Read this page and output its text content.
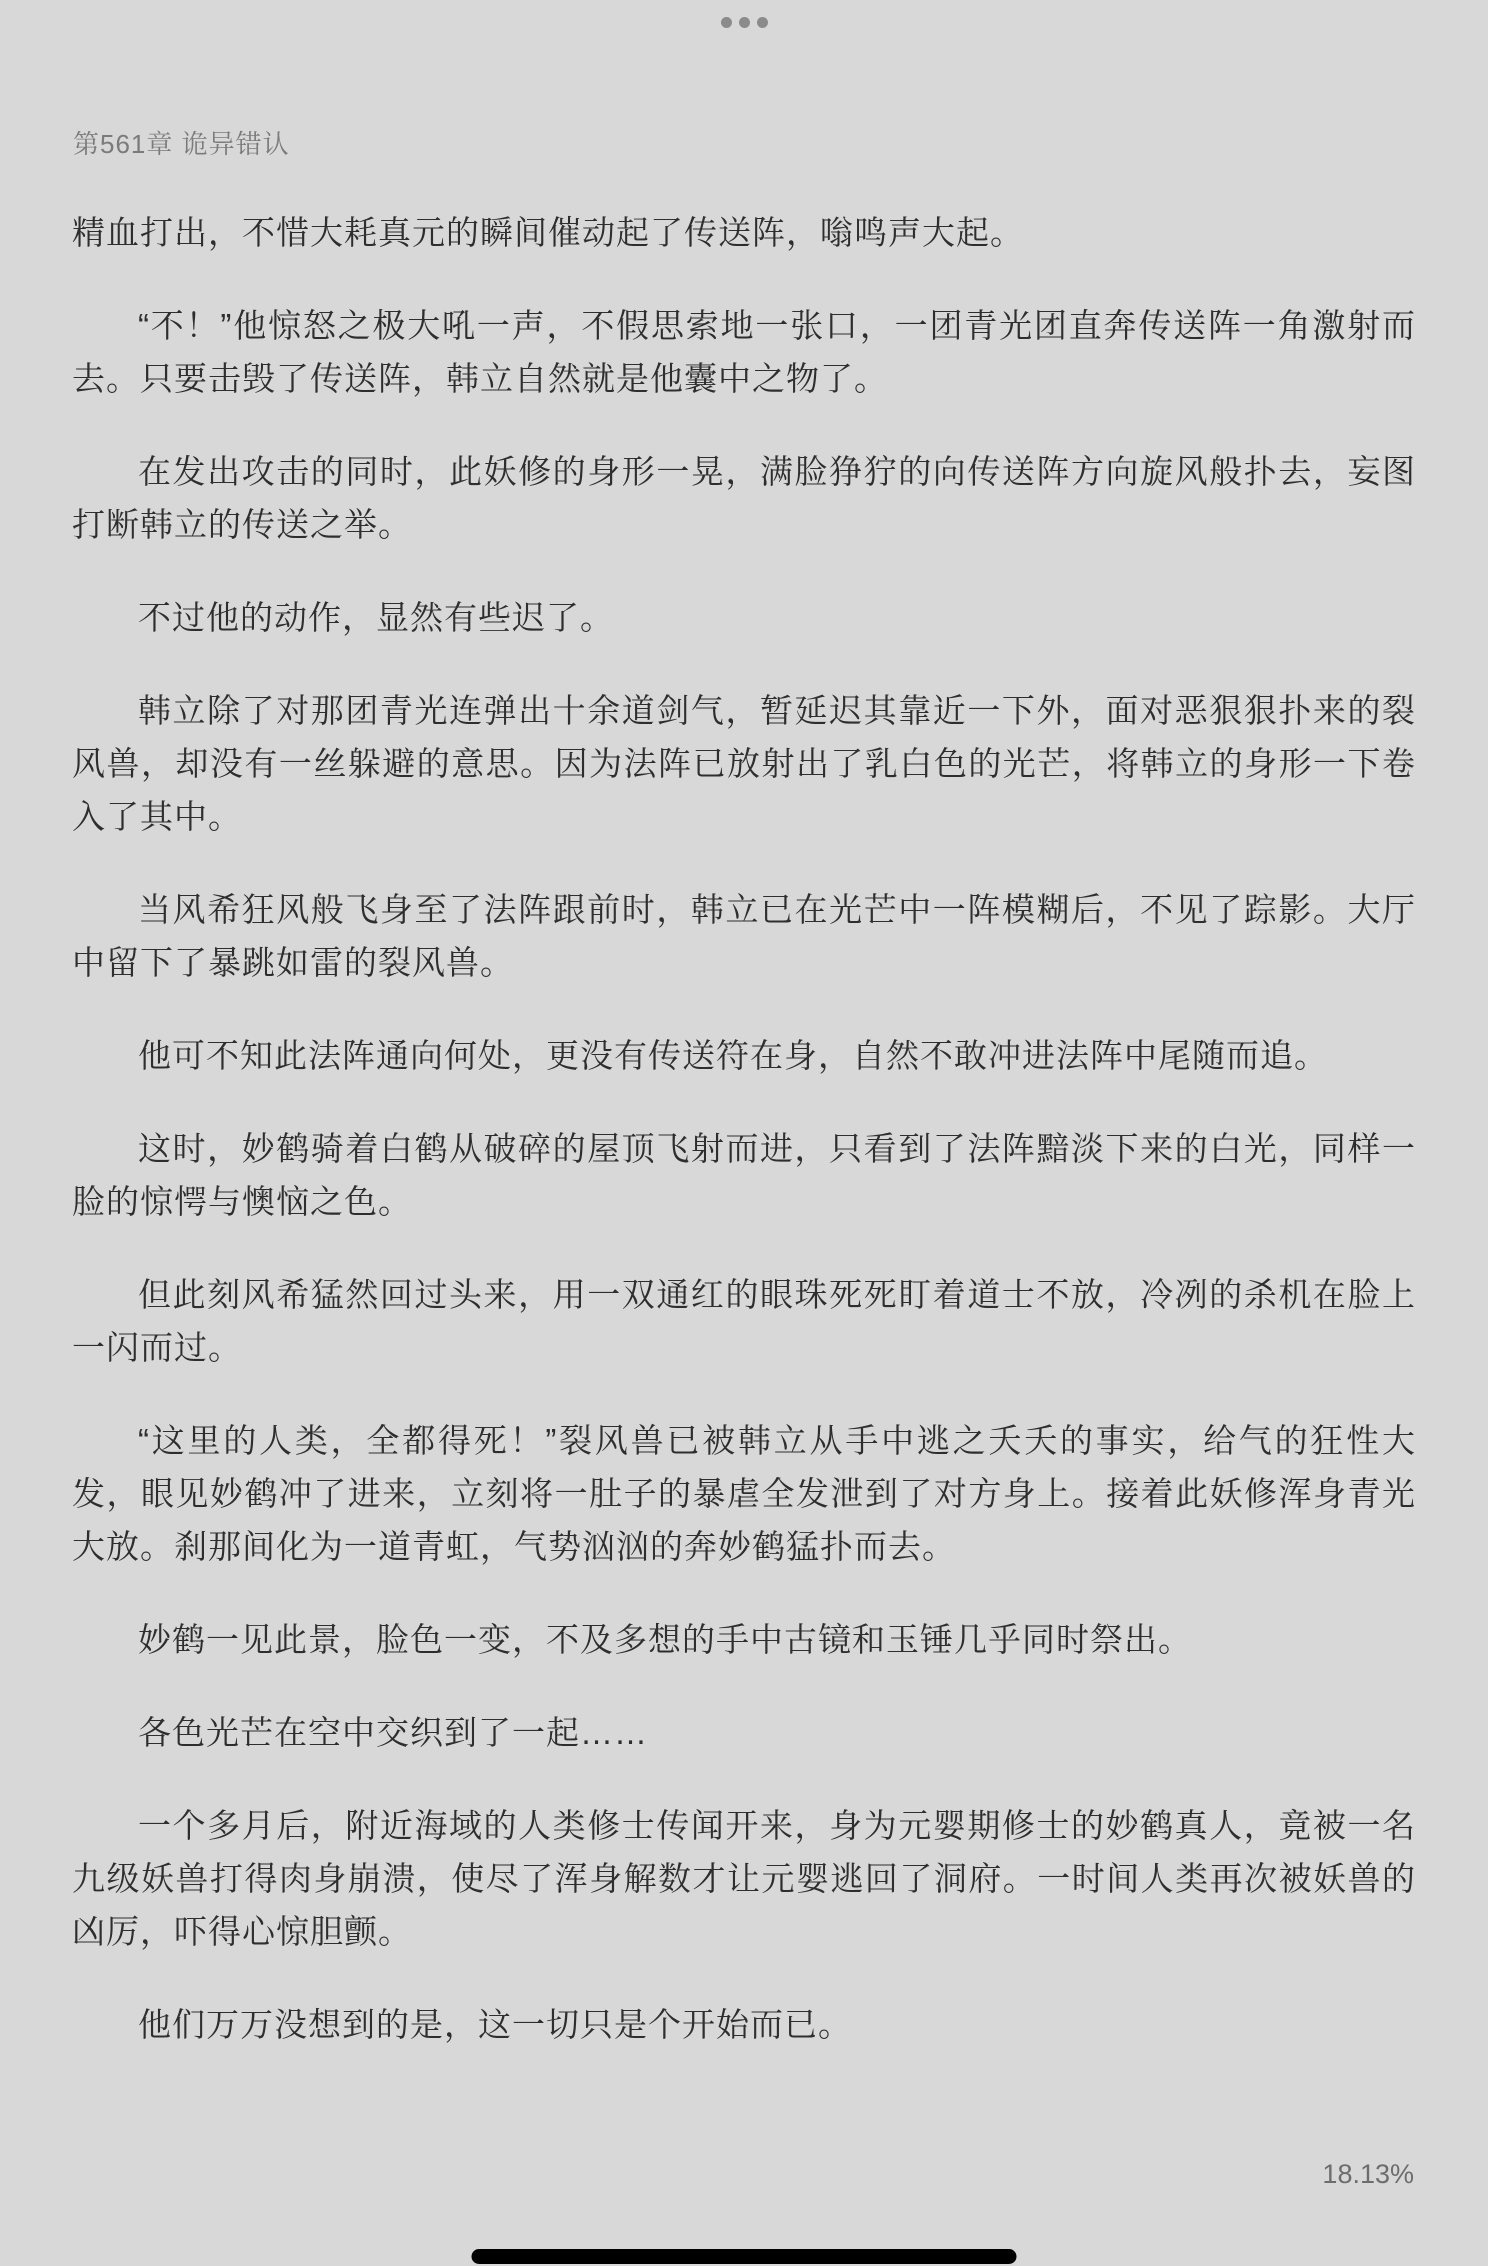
第561章 诡异错认

精血打出，不惜大耗真元的瞬间催动起了传送阵，嗡鸣声大起。

“不！”他惊怒之极大吼一声，不假思索地一张口，一团青光团直奔传送阵一角激射而去。只要击毁了传送阵，韩立自然就是他囊中之物了。

在发出攻击的同时，此妖修的身形一晃，满脸狰狞的向传送阵方向旋风般扑去，妄图打断韩立的传送之举。

不过他的动作，显然有些迟了。

韩立除了对那团青光连弹出十余道剑气，暂延迟其靠近一下外，面对恶狠狠扑来的裂风兽，却没有一丝躲避的意思。因为法阵已放射出了乳白色的光芒，将韩立的身形一下卷入了其中。

当风希狂风般飞身至了法阵跟前时，韩立已在光芒中一阵模糊后，不见了踪影。大厅中留下了暴跳如雷的裂风兽。

他可不知此法阵通向何处，更没有传送符在身，自然不敢冲进法阵中尾随而追。

这时，妙鹤骑着白鹤从破碎的屋顶飞射而进，只看到了法阵黯淡下来的白光，同样一脸的惊愕与懊恼之色。

但此刻风希猛然回过头来，用一双通红的眼珠死死盯着道士不放，冷冽的杀机在脸上一闪而过。

“这里的人类，全都得死！”裂风兽已被韩立从手中逃之夭夭的事实，给气的狂性大发，眼见妙鹤冲了进来，立刻将一肚子的暴虐全发泄到了对方身上。接着此妖修浑身青光大放。刹那间化为一道青虹，气势汹汹的奔妙鹤猛扑而去。

妙鹤一见此景，脸色一变，不及多想的手中古镜和玉锤几乎同时祭出。

各色光芒在空中交织到了一起……

一个多月后，附近海域的人类修士传闻开来，身为元婴期修士的妙鹤真人，竟被一名九级妖兽打得肉身崩溃，使尽了浑身解数才让元婴逃回了洞府。一时间人类再次被妖兽的凶厉，吓得心惊胆颤。

他们万万没想到的是，这一切只是个开始而已。

18.13%
